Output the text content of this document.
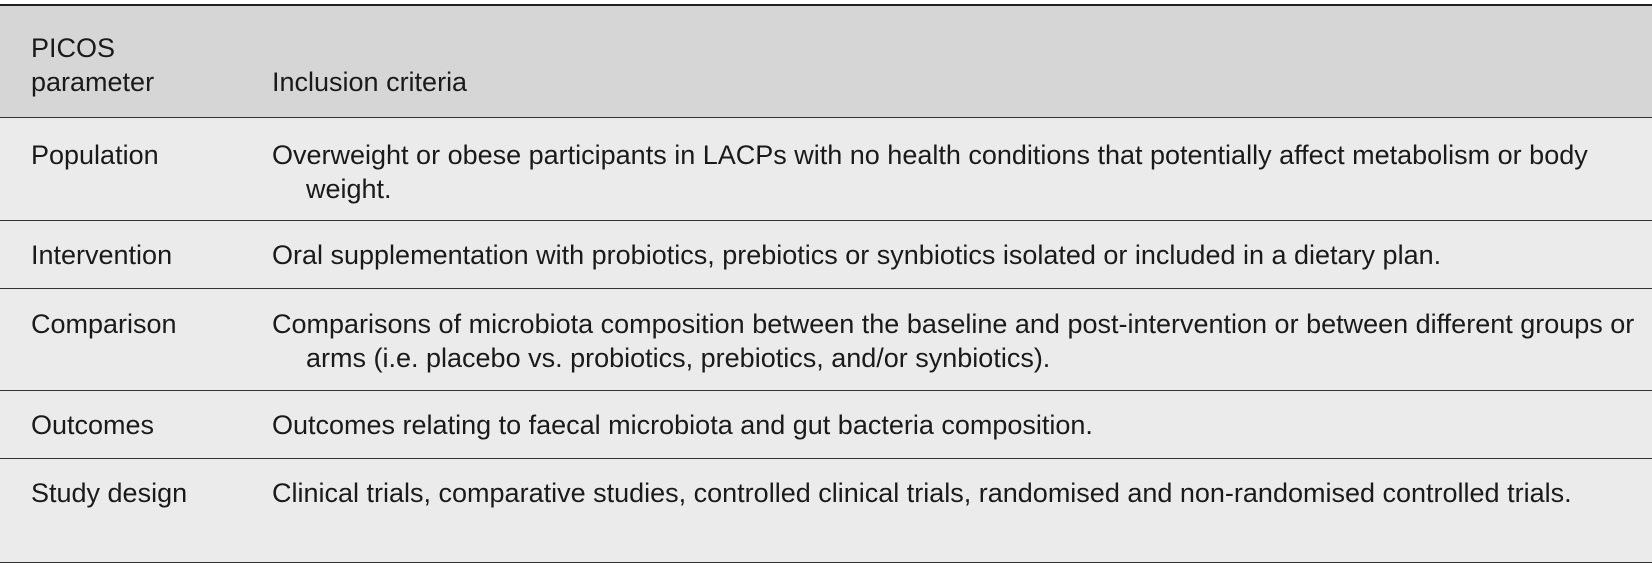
PICOS
parameter	Inclusion criteria
Population	Overweight or obese participants in LACPs with no health conditions that potentially affect metabolism or body weight.
Intervention	Oral supplementation with probiotics, prebiotics or synbiotics isolated or included in a dietary plan.
Comparison	Comparisons of microbiota composition between the baseline and post-intervention or between different groups or arms (i.e. placebo vs. probiotics, prebiotics, and/or synbiotics).
Outcomes	Outcomes relating to faecal microbiota and gut bacteria composition.
Study design	Clinical trials, comparative studies, controlled clinical trials, randomised and non-randomised controlled trials.
